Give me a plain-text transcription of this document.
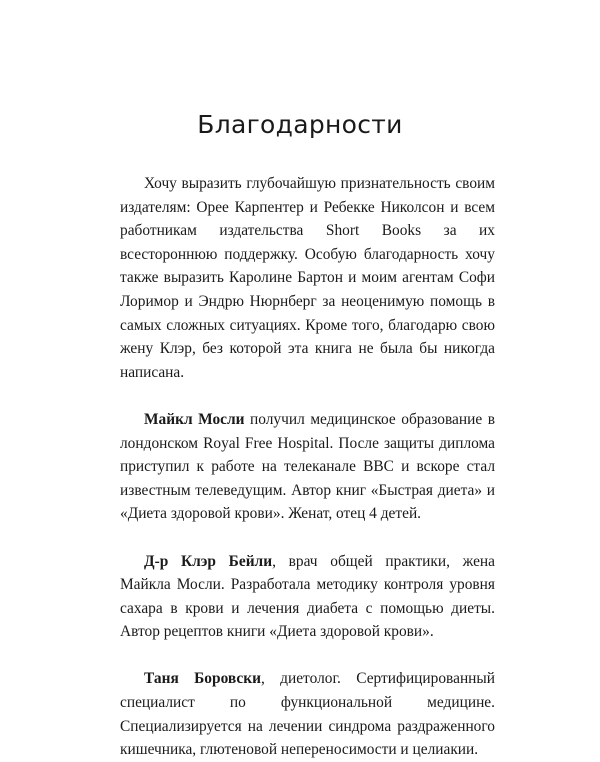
Благодарности

Хочу выразить глубочайшую признательность своим издателям: Орее Карпентер и Ребекке Николсон и всем работникам издательства Short Books за их всестороннюю поддержку. Особую благодарность хочу также выразить Каролине Бартон и моим агентам Софи Лоримор и Эндрю Нюрнберг за неоценимую помощь в самых сложных ситуациях. Кроме того, благодарю свою жену Клэр, без которой эта книга не была бы никогда написана.

Майкл Мосли получил медицинское образование в лондонском Royal Free Hospital. После защиты диплома приступил к работе на телеканале BBC и вскоре стал известным телеведущим. Автор книг «Быстрая диета» и «Диета здоровой крови». Женат, отец 4 детей.

Д-р Клэр Бейли, врач общей практики, жена Майкла Мосли. Разработала методику контроля уровня сахара в крови и лечения диабета с помощью диеты. Автор рецептов книги «Диета здоровой крови».

Таня Боровски, диетолог. Сертифицированный специалист по функциональной медицине. Специализируется на лечении синдрома раздраженного кишечника, глютеновой непереносимости и целиакии.
